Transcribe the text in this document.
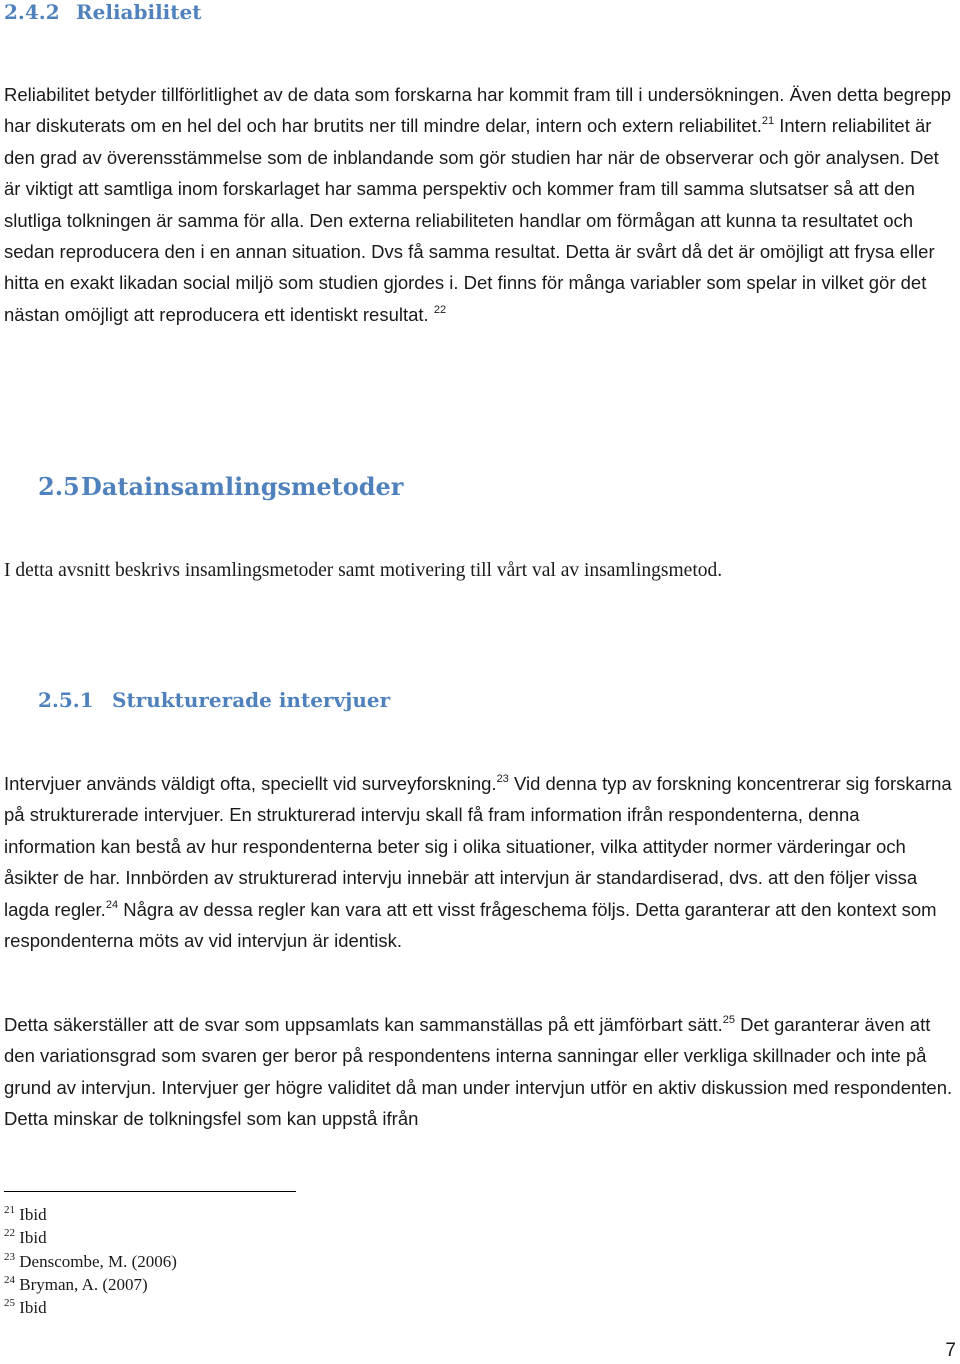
2.4.2 Reliabilitet

Reliabilitet betyder tillförlitlighet av de data som forskarna har kommit fram till i undersökningen. Även detta begrepp har diskuterats om en hel del och har brutits ner till mindre delar, intern och extern reliabilitet.$^{21}$ Intern reliabilitet är den grad av överensstämmelse som de inblandande som gör studien har när de observerar och gör analysen. Det är viktigt att samtliga inom forskarlaget har samma perspektiv och kommer fram till samma slutsatser så att den slutliga tolkningen är samma för alla. Den externa reliabiliteten handlar om förmågan att kunna ta resultatet och sedan reproducera den i en annan situation. Dvs få samma resultat. Detta är svårt då det är omöjligt att frysa eller hitta en exakt likadan social miljö som studien gjordes i. Det finns för många variabler som spelar in vilket gör det nästan omöjligt att reproducera ett identiskt resultat. $^{22}$

2.5Datainsamlingsmetoder

I detta avsnitt beskrivs insamlingsmetoder samt motivering till vårt val av insamlingsmetod.

2.5.1 Strukturerade intervjuer

Intervjuer används väldigt ofta, speciellt vid surveyforskning.$^{23}$ Vid denna typ av forskning koncentrerar sig forskarna på strukturerade intervjuer. En strukturerad intervju skall få fram information ifrån respondenterna, denna information kan bestå av hur respondenterna beter sig i olika situationer, vilka attityder normer värderingar och åsikter de har. Innbörden av strukturerad intervju innebär att intervjun är standardiserad, dvs. att den följer vissa lagda regler.$^{24}$ Några av dessa regler kan vara att ett visst frågeschema följs. Detta garanterar att den kontext som respondenterna möts av vid intervjun är identisk.

Detta säkerställer att de svar som uppsamlats kan sammanställas på ett jämförbart sätt.$^{25}$ Det garanterar även att den variationsgrad som svaren ger beror på respondentens interna sanningar eller verkliga skillnader och inte på grund av intervjun. Intervjuer ger högre validitet då man under intervjun utför en aktiv diskussion med respondenten. Detta minskar de tolkningsfel som kan uppstå ifrån

$^{21}$ Ibid
$^{22}$ Ibid
$^{23}$ Denscombe, M. (2006)
$^{24}$ Bryman, A. (2007)
$^{25}$ Ibid
7
